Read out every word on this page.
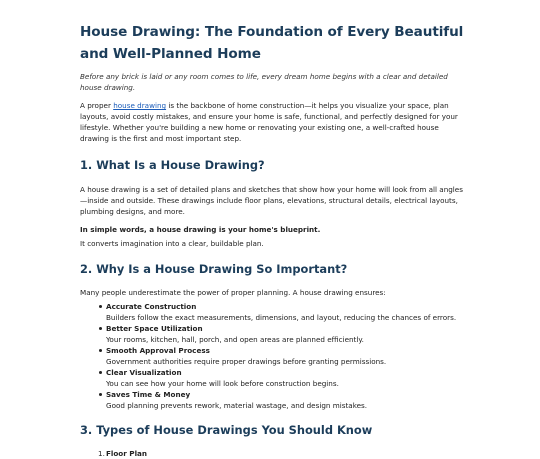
House Drawing: The Foundation of Every Beautiful and Well-Planned Home

Before any brick is laid or any room comes to life, every dream home begins with a clear and detailed house drawing.

A proper house drawing is the backbone of home construction—it helps you visualize your space, plan layouts, avoid costly mistakes, and ensure your home is safe, functional, and perfectly designed for your lifestyle. Whether you're building a new home or renovating your existing one, a well-crafted house drawing is the first and most important step.

1. What Is a House Drawing?

A house drawing is a set of detailed plans and sketches that show how your home will look from all angles—inside and outside. These drawings include floor plans, elevations, structural details, electrical layouts, plumbing designs, and more.

In simple words, a house drawing is your home's blueprint.

It converts imagination into a clear, buildable plan.

2. Why Is a House Drawing So Important?

Many people underestimate the power of proper planning. A house drawing ensures:

Accurate Construction
Builders follow the exact measurements, dimensions, and layout, reducing the chances of errors.
Better Space Utilization
Your rooms, kitchen, hall, porch, and open areas are planned efficiently.
Smooth Approval Process
Government authorities require proper drawings before granting permissions.
Clear Visualization
You can see how your home will look before construction begins.
Saves Time & Money
Good planning prevents rework, material wastage, and design mistakes.
3. Types of House Drawings You Should Know
1. Floor Plan
